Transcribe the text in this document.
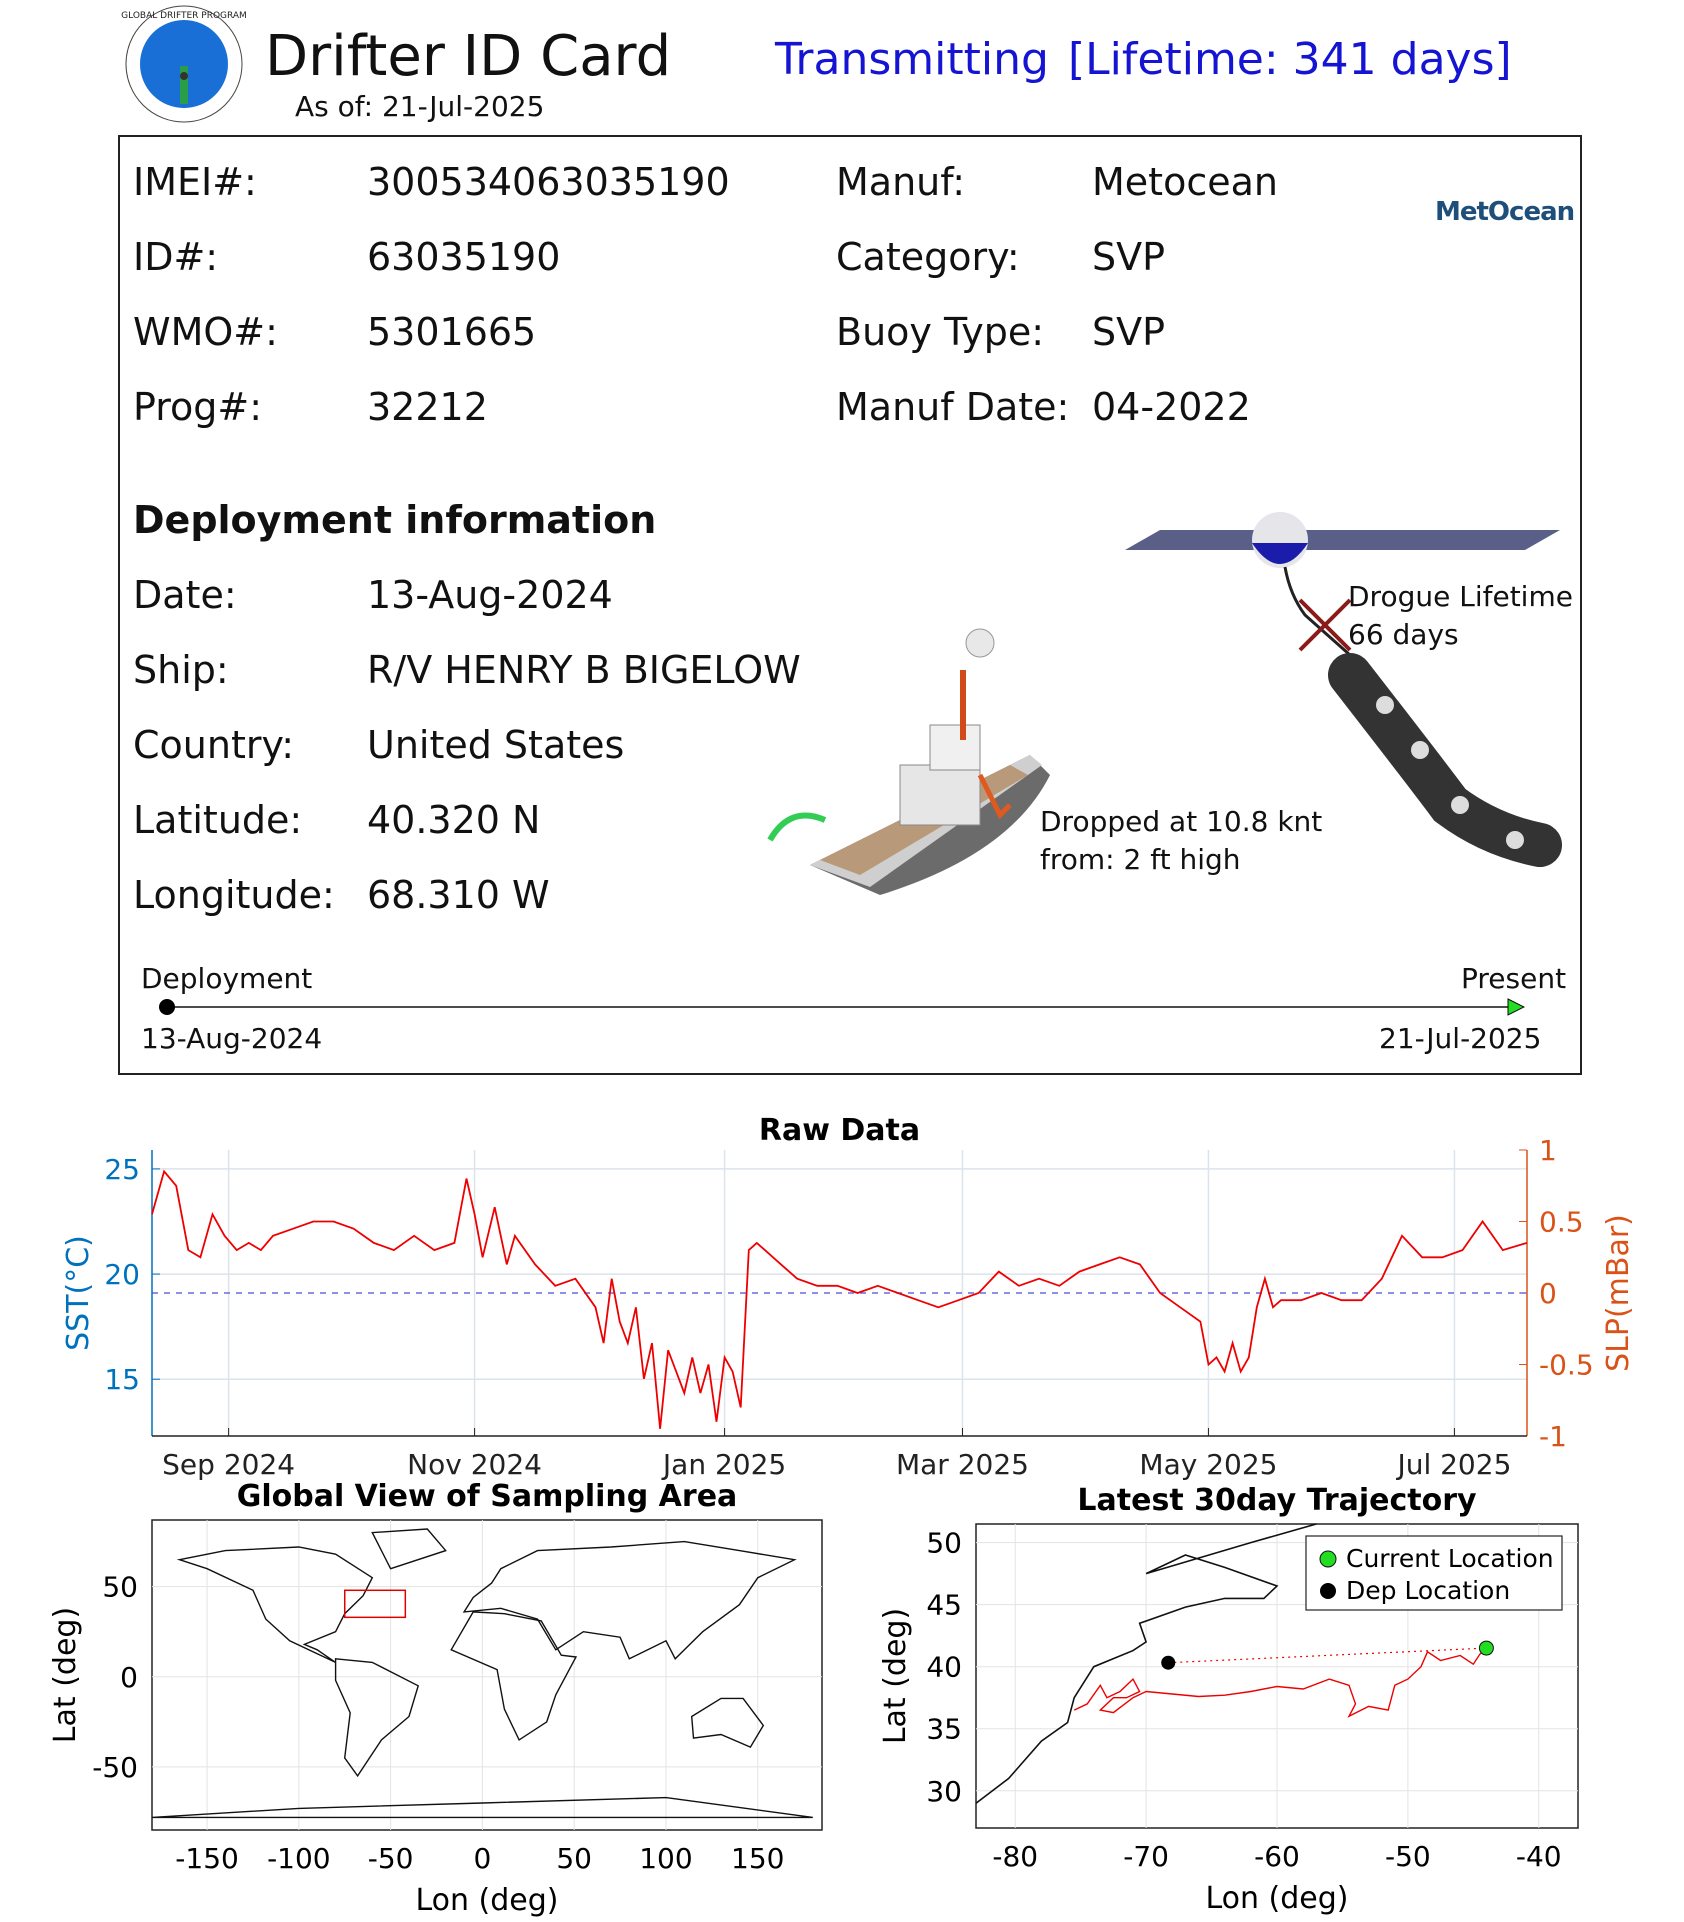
GLOBAL DRIFTER PROGRAM
Drifter ID Card
As of: 21-Jul-2025
Transmitting [Lifetime: 341 days]
IMEI#:	300534063035190
ID#:	63035190
WMO#: 5301665
Prog#:	32212
Manuf:	Metocean
Category: SVP
Buoy Type: SVP
Manuf Date: 04-2022
MetOcean
Deployment information
Date:	13-Aug-2024
Ship:	R/V HENRY B BIGELOW
Country: United States
Latitude: 40.320 N
Longitude: 68.310 W
Dropped at 10.8 knt
from: 2 ft high
Drogue Lifetime
66 days
Deployment	Present
13-Aug-2024	21-Jul-2025
Raw Data
Sep 2024	Nov 2024	Jan 2025	Mar 2025	May 2025	Jul 2025
15
20
25
-1
-0.5
0
0.5
1
SST(°C)	SLP(mBar)
Global View of Sampling Area
-150 -100 -50 0 50 100 150
-50
0
50
Lon (deg)
Lat (deg)
Latest 30day Trajectory
-80	-70	-60	-50	-40
30
35
40
45
50	Current Location
Dep Location
Lon (deg)
Lat (deg)
